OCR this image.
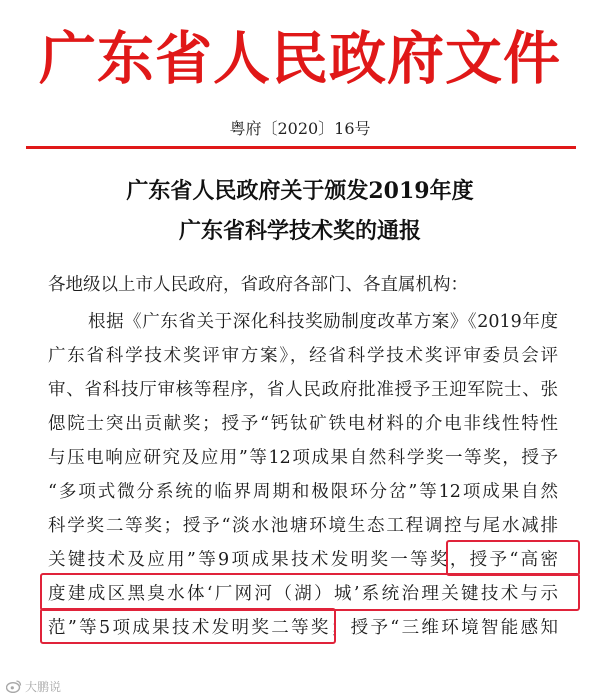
广东省人民政府文件
粤府〔2020〕16号
广东省人民政府关于颁发2019年度
广东省科学技术奖的通报
各地级以上市人民政府，省政府各部门、各直属机构：
根据《广东省关于深化科技奖励制度改革方案》《2019年度
广东省科学技术奖评审方案》，经省科学技术奖评审委员会评
审、省科技厅审核等程序，省人民政府批准授予王迎军院士、张
偲院士突出贡献奖；授予“钙钛矿铁电材料的介电非线性特性
与压电响应研究及应用”等12项成果自然科学奖一等奖，授予
“多项式微分系统的临界周期和极限环分岔”等12项成果自然
科学奖二等奖；授予“淡水池塘环境生态工程调控与尾水减排
关键技术及应用”等9项成果技术发明奖一等奖，授予“高密
度建成区黑臭水体‘厂网河（湖）城’系统治理关键技术与示
范”等5项成果技术发明奖二等奖；授予“三维环境智能感知
大鹏说
